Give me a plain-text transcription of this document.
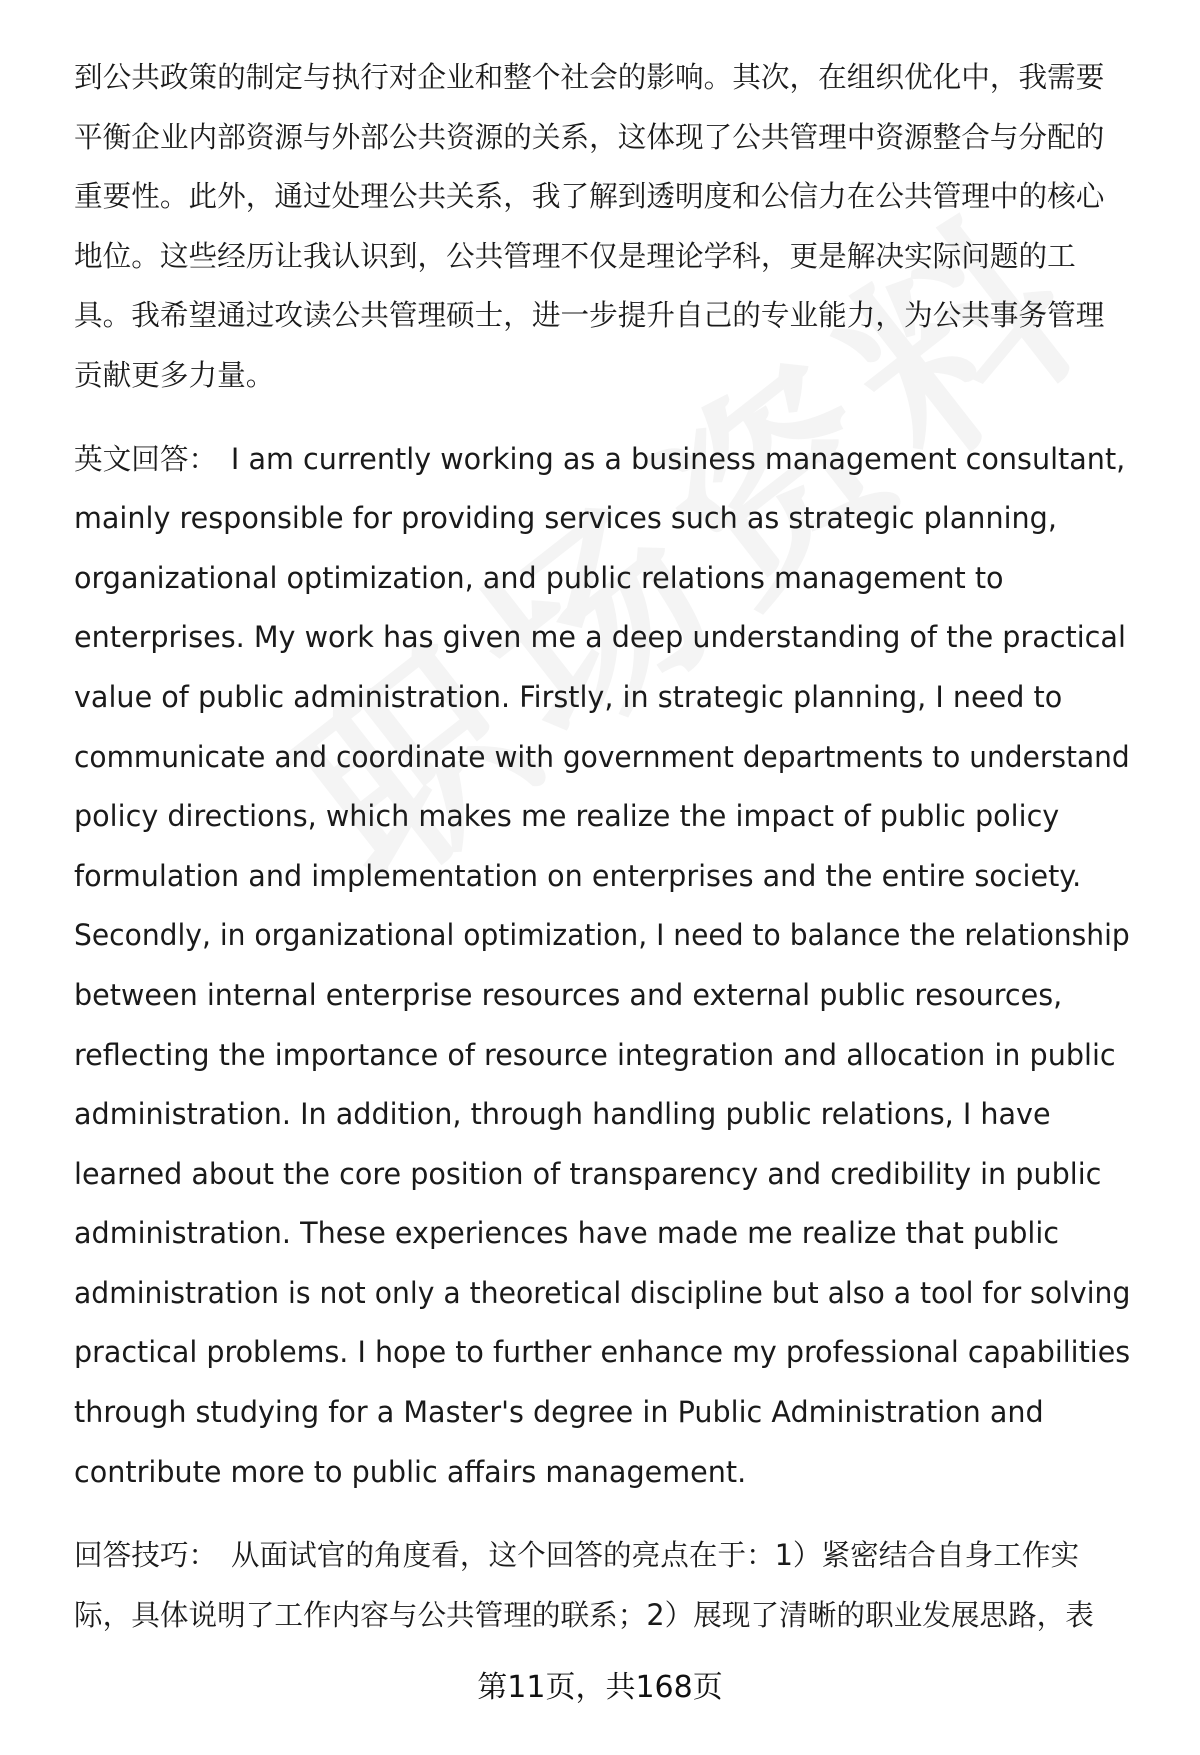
到公共政策的制定与执行对企业和整个社会的影响。其次，在组织优化中，我需要
平衡企业内部资源与外部公共资源的关系，这体现了公共管理中资源整合与分配的
重要性。此外，通过处理公共关系，我了解到透明度和公信力在公共管理中的核心
地位。这些经历让我认识到，公共管理不仅是理论学科，更是解决实际问题的工
具。我希望通过攻读公共管理硕士，进一步提升自己的专业能力，为公共事务管理
贡献更多力量。

英文回答： I am currently working as a business management consultant,
mainly responsible for providing services such as strategic planning,
organizational optimization, and public relations management to
enterprises. My work has given me a deep understanding of the practical
value of public administration. Firstly, in strategic planning, I need to
communicate and coordinate with government departments to understand
policy directions, which makes me realize the impact of public policy
formulation and implementation on enterprises and the entire society.
Secondly, in organizational optimization, I need to balance the relationship
between internal enterprise resources and external public resources,
reflecting the importance of resource integration and allocation in public
administration. In addition, through handling public relations, I have
learned about the core position of transparency and credibility in public
administration. These experiences have made me realize that public
administration is not only a theoretical discipline but also a tool for solving
practical problems. I hope to further enhance my professional capabilities
through studying for a Master's degree in Public Administration and
contribute more to public affairs management.

回答技巧： 从面试官的角度看，这个回答的亮点在于：1）紧密结合自身工作实
际，具体说明了工作内容与公共管理的联系；2）展现了清晰的职业发展思路，表

第11页，共168页
